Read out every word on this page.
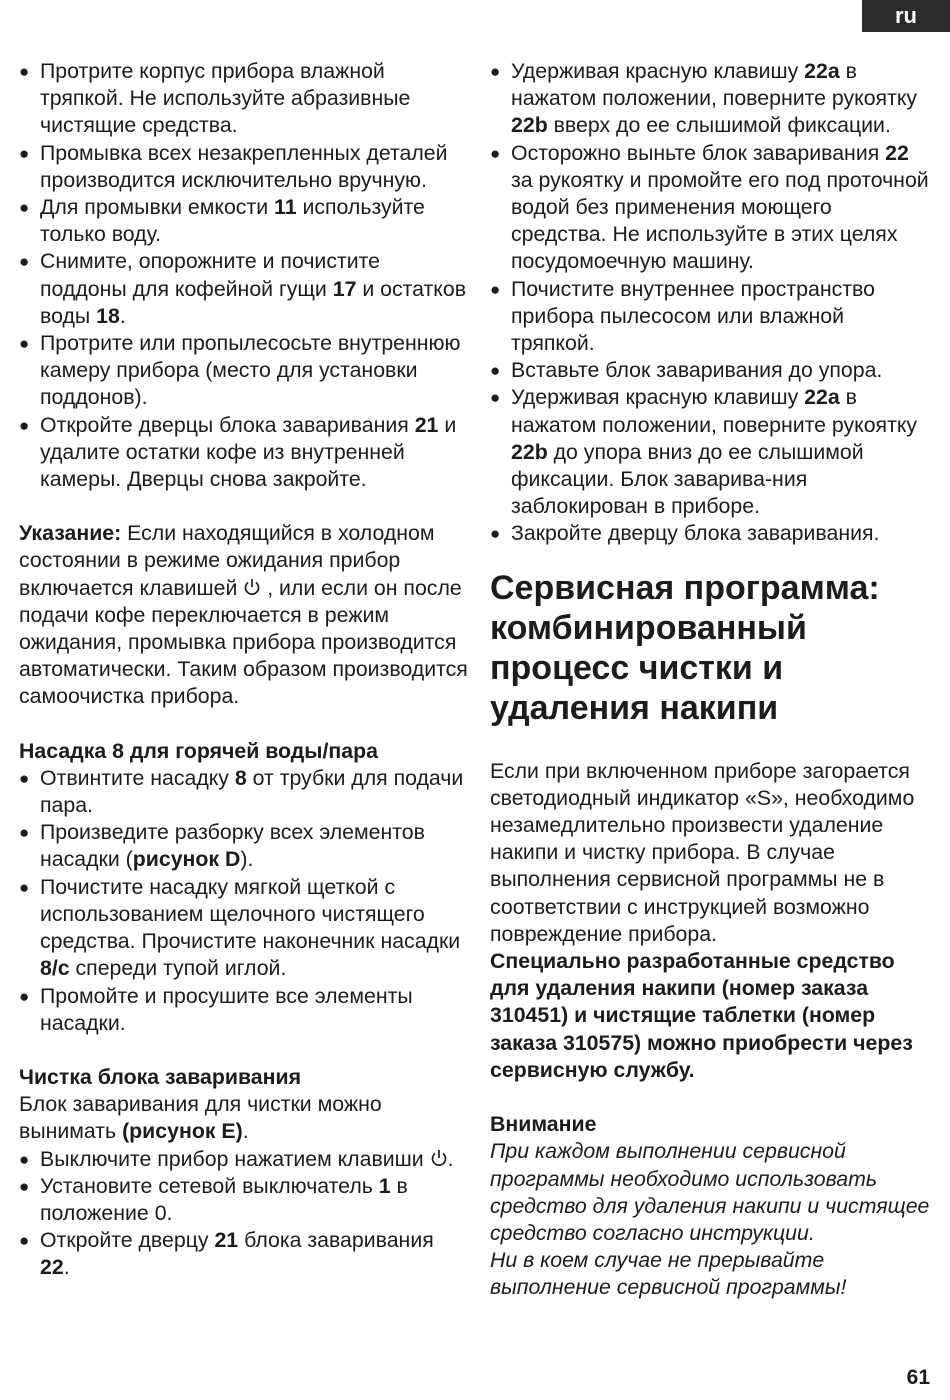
ru
● Протрите корпус прибора влажной тряпкой. Не используйте абразивные чистящие средства.
● Промывка всех незакрепленных деталей производится исключительно вручную.
● Для промывки емкости 11 используйте только воду.
● Снимите, опорожните и почистите поддоны для кофейной гущи 17 и остатков воды 18.
● Протрите или пропылесосьте внутреннюю камеру прибора (место для установки поддонов).
● Откройте дверцы блока заваривания 21 и удалите остатки кофе из внутренней камеры. Дверцы снова закройте.

Указание: Если находящийся в холодном состоянии в режиме ожидания прибор включается клавишей  , или если он после подачи кофе переключается в режим ожидания, промывка прибора производится автоматически. Таким образом производится самоочистка прибора.

Насадка 8 для горячей воды/пара

● Отвинтите насадку 8 от трубки для подачи пара.
● Произведите разборку всех элементов насадки (рисунок D).
● Почистите насадку мягкой щеткой с использованием щелочного чистящего средства. Прочистите наконечник насадки 8/c спереди тупой иглой.
● Промойте и просушите все элементы насадки.

Чистка блока заваривания

Блок заваривания для чистки можно вынимать (рисунок E).

● Выключите прибор нажатием клавиши .
● Установите сетевой выключатель 1 в положение 0.
● Откройте дверцу 21 блока заваривания 22.
● Удерживая красную клавишу 22a в нажатом положении, поверните рукоятку 22b вверх до ее слышимой фиксации.
● Осторожно выньте блок заваривания 22 за рукоятку и промойте его под проточной водой без применения моющего средства. Не используйте в этих целях посудомоечную машину.
● Почистите внутреннее пространство прибора пылесосом или влажной тряпкой.
● Вставьте блок заваривания до упора.
● Удерживая красную клавишу 22a в нажатом положении, поверните рукоятку 22b до упора вниз до ее слышимой фиксации. Блок заварива-ния заблокирован в приборе.
● Закройте дверцу блока заваривания.
Сервисная программа: комбинированный процесс чистки и удаления накипи

Если при включенном приборе загорается светодиодный индикатор «S», необходимо незамедлительно произвести удаление накипи и чистку прибора. В случае выполнения сервисной программы не в соответствии с инструкцией возможно повреждение прибора.

Специально разработанные средство для удаления накипи (номер заказа 310451) и чистящие таблетки (номер заказа 310575) можно приобрести через сервисную службу.

Внимание

При каждом выполнении сервисной программы необходимо использовать средство для удаления накипи и чистящее средство согласно инструкции.

Ни в коем случае не прерывайте выполнение сервисной программы!

61
